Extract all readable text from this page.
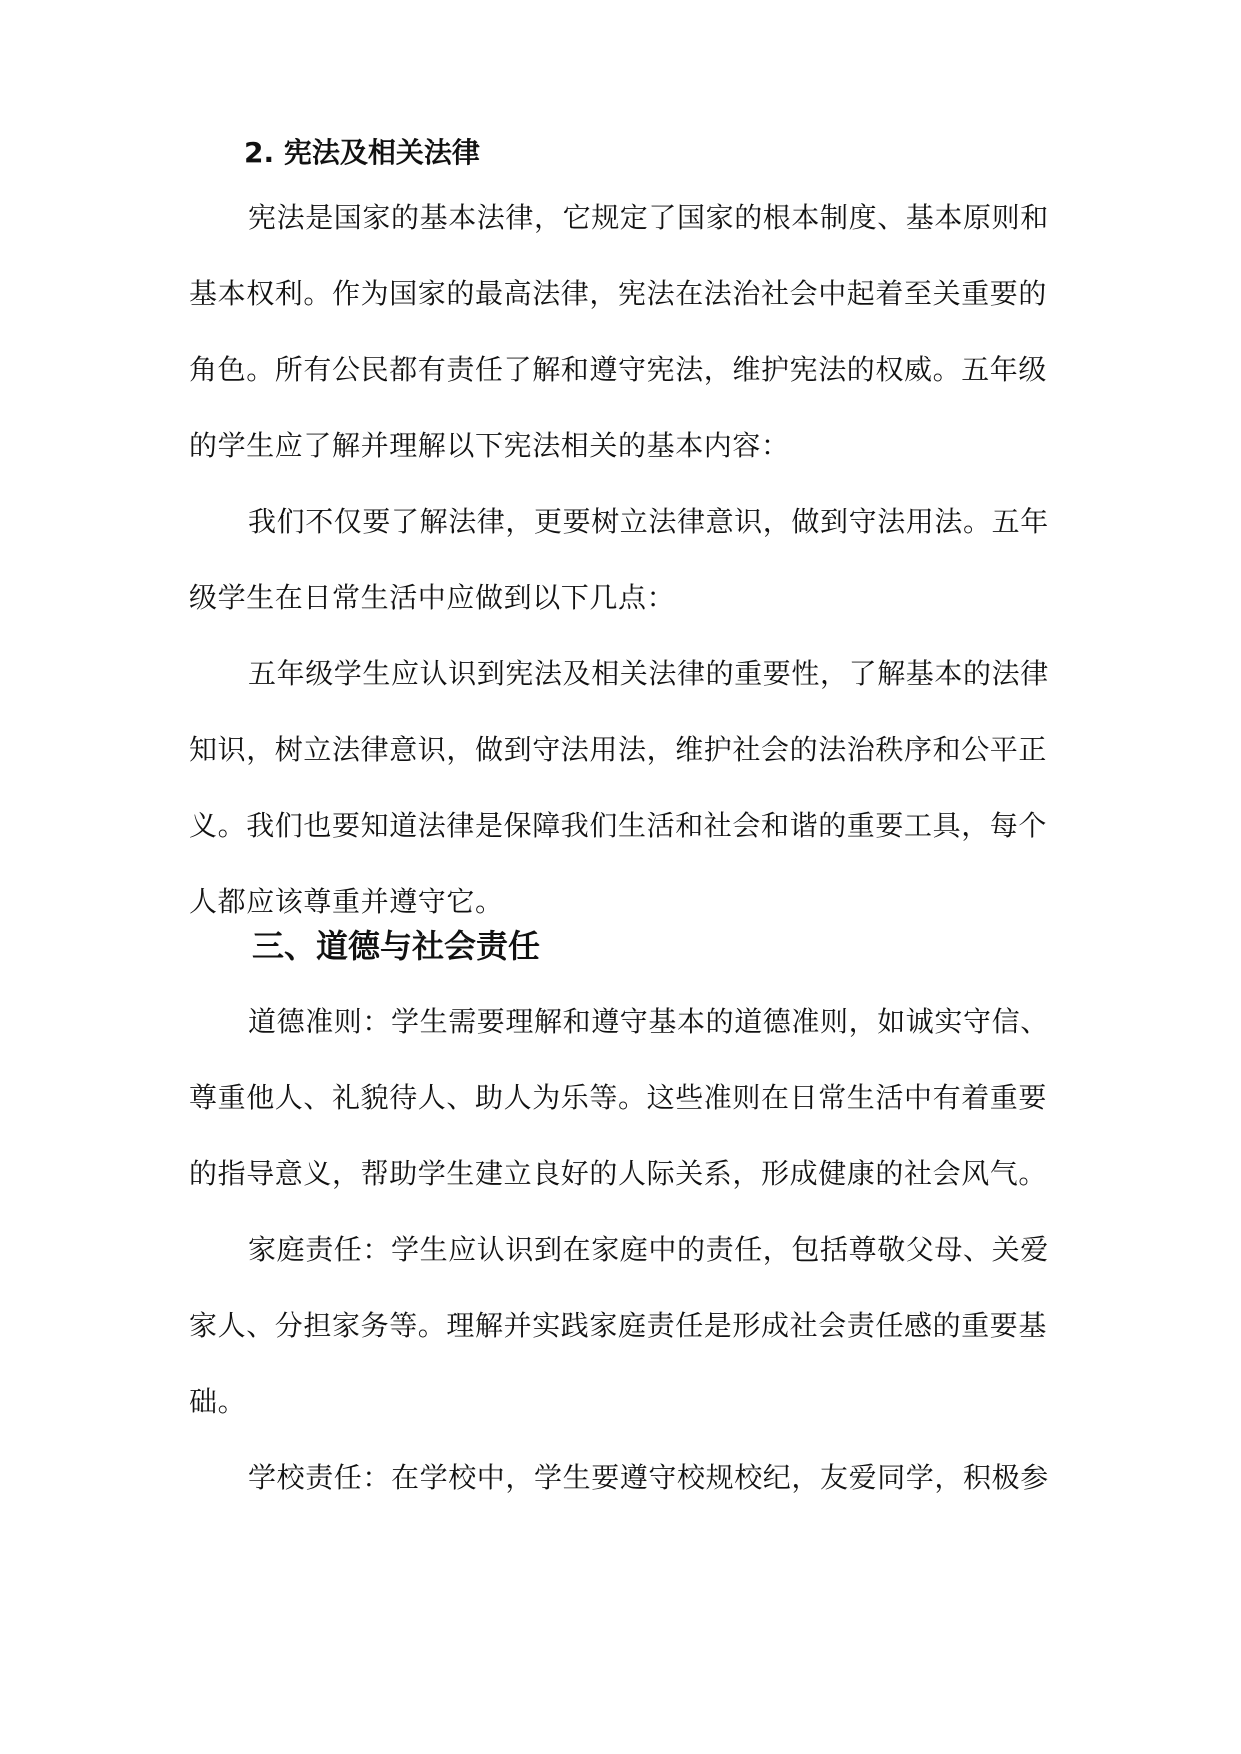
2. 宪法及相关法律

宪法是国家的基本法律，它规定了国家的根本制度、基本原则和基本权利。作为国家的最高法律，宪法在法治社会中起着至关重要的角色。所有公民都有责任了解和遵守宪法，维护宪法的权威。五年级的学生应了解并理解以下宪法相关的基本内容：

我们不仅要了解法律，更要树立法律意识，做到守法用法。五年级学生在日常生活中应做到以下几点：

五年级学生应认识到宪法及相关法律的重要性，了解基本的法律知识，树立法律意识，做到守法用法，维护社会的法治秩序和公平正义。我们也要知道法律是保障我们生活和社会和谐的重要工具，每个人都应该尊重并遵守它。

三、道德与社会责任

道德准则：学生需要理解和遵守基本的道德准则，如诚实守信、尊重他人、礼貌待人、助人为乐等。这些准则在日常生活中有着重要的指导意义，帮助学生建立良好的人际关系，形成健康的社会风气。

家庭责任：学生应认识到在家庭中的责任，包括尊敬父母、关爱家人、分担家务等。理解并实践家庭责任是形成社会责任感的重要基础。

学校责任：在学校中，学生要遵守校规校纪，友爱同学，积极参
